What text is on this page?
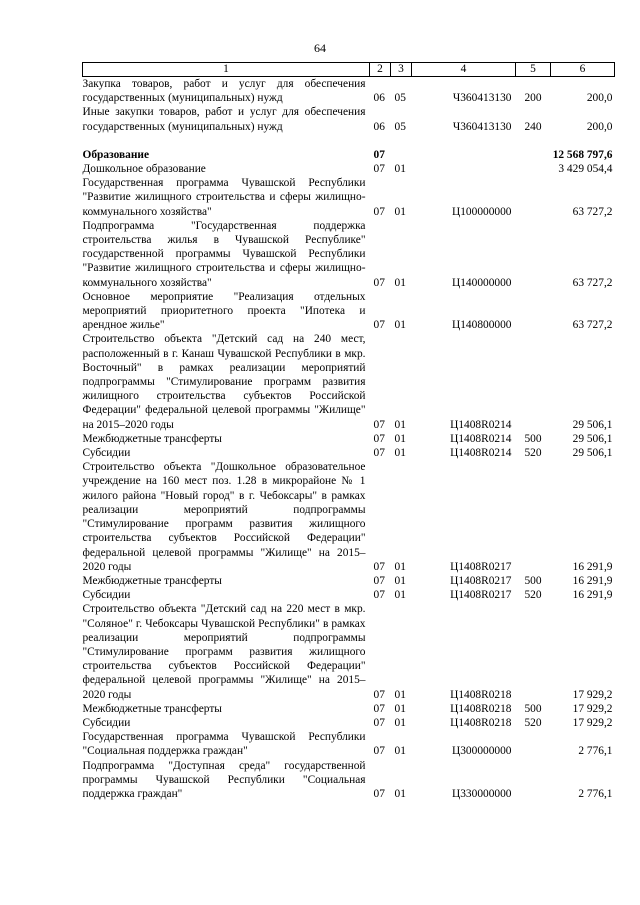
64
1	2	3	4	5	6
Закупка товаров, работ и услуг для обеспечения государственных (муниципальных) нужд	06	05	Ч360413130	200	200,0
Иные закупки товаров, работ и услуг для обеспечения государственных (муниципальных) нужд	06	05	Ч360413130	240	200,0
Образование	07				12 568 797,6
Дошкольное образование	07	01			3 429 054,4
Государственная программа Чувашской Республики "Развитие жилищного строительства и сферы жилищно-коммунального хозяйства"	07	01	Ц100000000		63 727,2
Подпрограмма "Государственная поддержка строительства жилья в Чувашской Республике" государственной программы Чувашской Республики "Развитие жилищного строительства и сферы жилищно-коммунального хозяйства"	07	01	Ц140000000		63 727,2
Основное мероприятие "Реализация отдельных мероприятий приоритетного проекта "Ипотека и арендное жилье"	07	01	Ц140800000		63 727,2
Строительство объекта "Детский сад на 240 мест, расположенный в г. Канаш Чувашской Республики в мкр. Восточный" в рамках реализации мероприятий подпрограммы "Стимулирование программ развития жилищного строительства субъектов Российской Федерации" федеральной целевой программы "Жилище" на 2015–2020 годы	07	01	Ц1408R0214		29 506,1
Межбюджетные трансферты	07	01	Ц1408R0214	500	29 506,1
Субсидии	07	01	Ц1408R0214	520	29 506,1
Строительство объекта "Дошкольное образовательное учреждение на 160 мест поз. 1.28 в микрорайоне № 1 жилого района "Новый город" в г. Чебоксары" в рамках реализации мероприятий подпрограммы "Стимулирование программ развития жилищного строительства субъектов Российской Федерации" федеральной целевой программы "Жилище" на 2015–2020 годы	07	01	Ц1408R0217		16 291,9
Межбюджетные трансферты	07	01	Ц1408R0217	500	16 291,9
Субсидии	07	01	Ц1408R0217	520	16 291,9
Строительство объекта "Детский сад на 220 мест в мкр. "Соляное" г. Чебоксары Чувашской Республики" в рамках реализации мероприятий подпрограммы "Стимулирование программ развития жилищного строительства субъектов Российской Федерации" федеральной целевой программы "Жилище" на 2015–2020 годы	07	01	Ц1408R0218		17 929,2
Межбюджетные трансферты	07	01	Ц1408R0218	500	17 929,2
Субсидии	07	01	Ц1408R0218	520	17 929,2
Государственная программа Чувашской Республики "Социальная поддержка граждан"	07	01	Ц300000000		2 776,1
Подпрограмма "Доступная среда" государственной программы Чувашской Республики "Социальная поддержка граждан"	07	01	Ц330000000		2 776,1
